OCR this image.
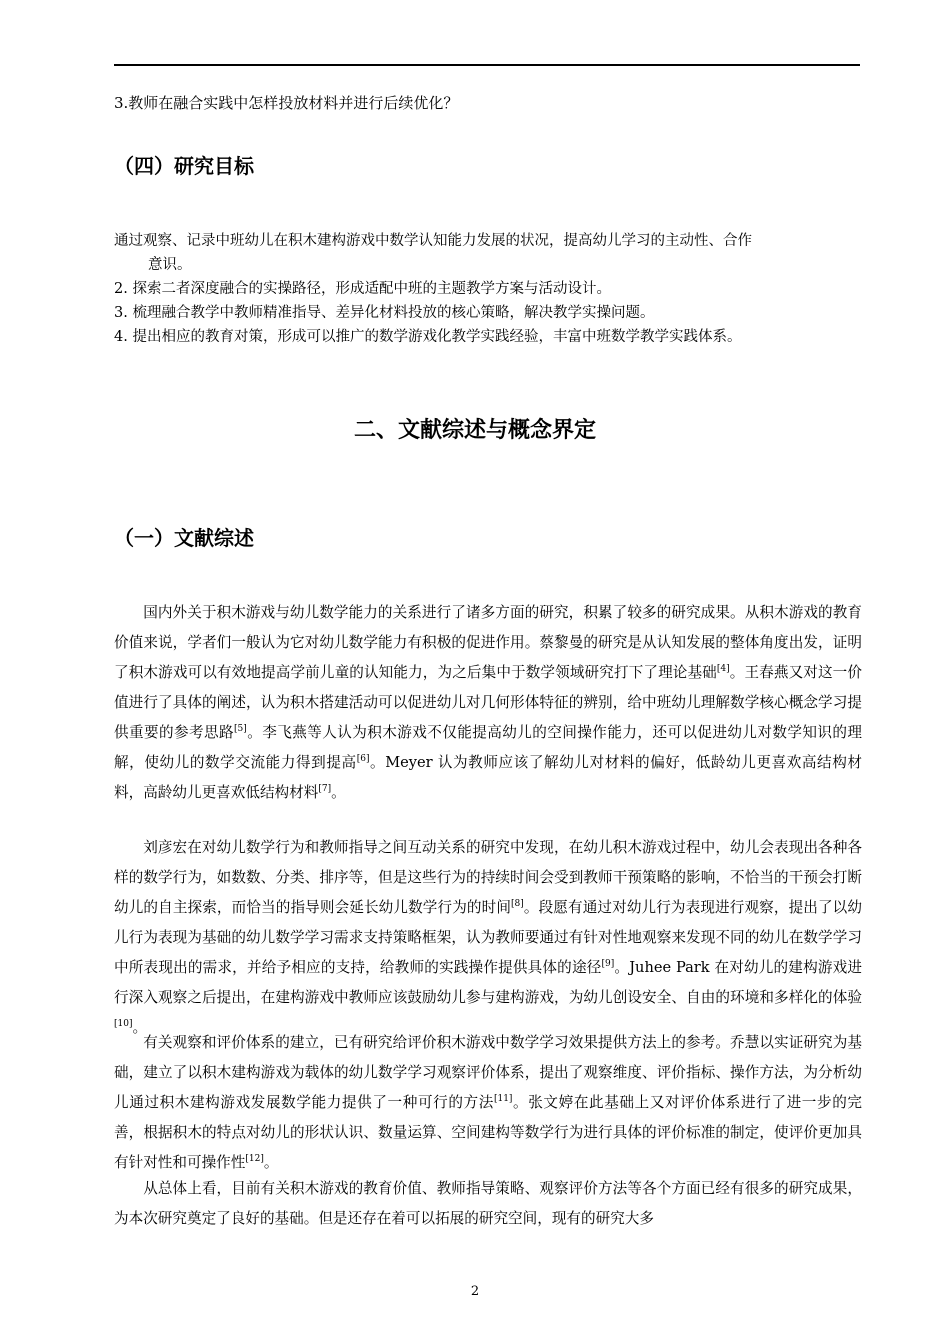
3.教师在融合实践中怎样投放材料并进行后续优化？
（四）研究目标
通过观察、记录中班幼儿在积木建构游戏中数学认知能力发展的状况，提高幼儿学习的主动性、合作
意识。
2. 探索二者深度融合的实操路径，形成适配中班的主题教学方案与活动设计。
3. 梳理融合教学中教师精准指导、差异化材料投放的核心策略，解决教学实操问题。
4. 提出相应的教育对策，形成可以推广的数学游戏化教学实践经验，丰富中班数学教学实践体系。
二、文献综述与概念界定
（一）文献综述
国内外关于积木游戏与幼儿数学能力的关系进行了诸多方面的研究，积累了较多的研究成果。从积木游戏的教育价值来说，学者们一般认为它对幼儿数学能力有积极的促进作用。蔡黎曼的研究是从认知发展的整体角度出发，证明了积木游戏可以有效地提高学前儿童的认知能力，为之后集中于数学领域研究打下了理论基础[4]。王春燕又对这一价值进行了具体的阐述，认为积木搭建活动可以促进幼儿对几何形体特征的辨别，给中班幼儿理解数学核心概念学习提供重要的参考思路[5]。李飞燕等人认为积木游戏不仅能提高幼儿的空间操作能力，还可以促进幼儿对数学知识的理解，使幼儿的数学交流能力得到提高[6]。Meyer 认为教师应该了解幼儿对材料的偏好，低龄幼儿更喜欢高结构材料，高龄幼儿更喜欢低结构材料[7]。
刘彦宏在对幼儿数学行为和教师指导之间互动关系的研究中发现，在幼儿积木游戏过程中，幼儿会表现出各种各样的数学行为，如数数、分类、排序等，但是这些行为的持续时间会受到教师干预策略的影响，不恰当的干预会打断幼儿的自主探索，而恰当的指导则会延长幼儿数学行为的时间[8]。段愿有通过对幼儿行为表现进行观察，提出了以幼儿行为表现为基础的幼儿数学学习需求支持策略框架，认为教师要通过有针对性地观察来发现不同的幼儿在数学学习中所表现出的需求，并给予相应的支持，给教师的实践操作提供具体的途径[9]。Juhee Park 在对幼儿的建构游戏进行深入观察之后提出，在建构游戏中教师应该鼓励幼儿参与建构游戏，为幼儿创设安全、自由的环境和多样化的体验[10]。
有关观察和评价体系的建立，已有研究给评价积木游戏中数学学习效果提供方法上的参考。乔慧以实证研究为基础，建立了以积木建构游戏为载体的幼儿数学学习观察评价体系，提出了观察维度、评价指标、操作方法，为分析幼儿通过积木建构游戏发展数学能力提供了一种可行的方法[11]。张文婷在此基础上又对评价体系进行了进一步的完善，根据积木的特点对幼儿的形状认识、数量运算、空间建构等数学行为进行具体的评价标准的制定，使评价更加具有针对性和可操作性[12]。
从总体上看，目前有关积木游戏的教育价值、教师指导策略、观察评价方法等各个方面已经有很多的研究成果，为本次研究奠定了良好的基础。但是还存在着可以拓展的研究空间，现有的研究大多
2
